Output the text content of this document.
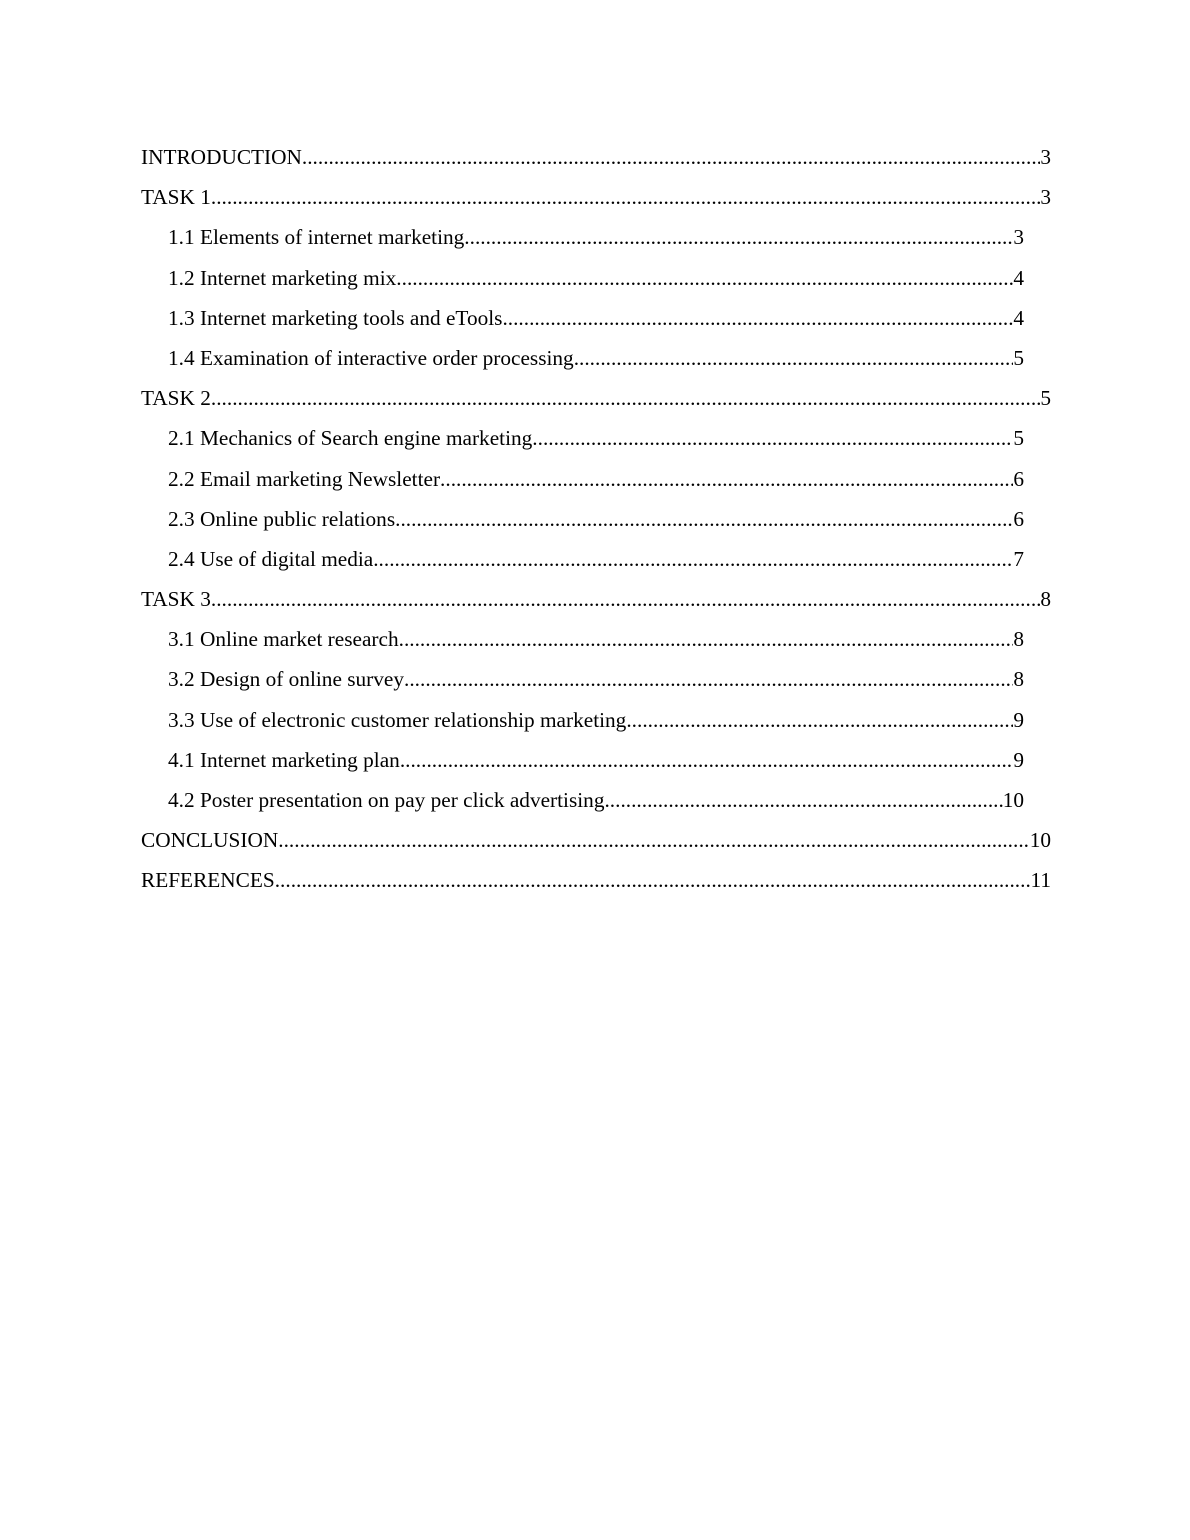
INTRODUCTION .....	3
TASK 1 .....	3
1.1 Elements of internet marketing .....	3
1.2 Internet marketing mix .....	4
1.3 Internet marketing tools and eTools .....	4
1.4 Examination of interactive order processing .....	5
TASK 2 .....	5
2.1 Mechanics of Search engine marketing .....	5
2.2 Email marketing Newsletter .....	6
2.3 Online public relations .....	6
2.4 Use of digital media .....	7
TASK 3 .....	8
3.1 Online market research .....	8
3.2 Design of online survey .....	8
3.3 Use of electronic customer relationship marketing .....	9
4.1 Internet marketing plan .....	9
4.2 Poster presentation on pay per click advertising .....	10
CONCLUSION .....	10
REFERENCES .....	11
